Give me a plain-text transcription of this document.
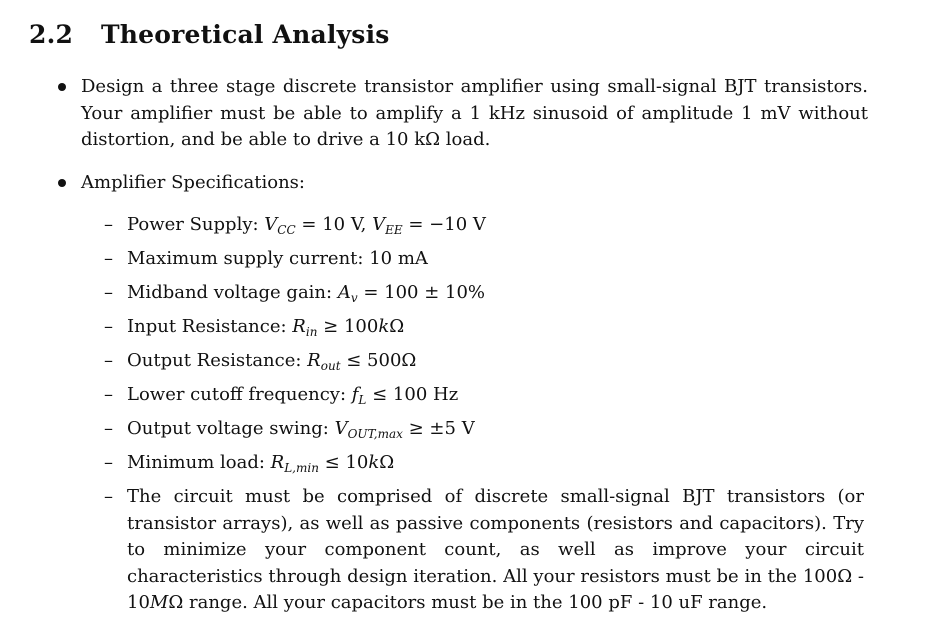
2.2 Theoretical Analysis
Design a three stage discrete transistor amplifier using small-signal BJT transistors. Your amplifier must be able to amplify a 1 kHz sinusoid of amplitude 1 mV without distortion, and be able to drive a 10 kΩ load.
Amplifier Specifications:
– Power Supply: $V_{CC} = 10$ V, $V_{EE} = -10$ V
– Maximum supply current: 10 mA
– Midband voltage gain: $A_v = 100 \pm 10\%$
– Input Resistance: $R_{in} \ge 100k\Omega$
– Output Resistance: $R_{out} \le 500\Omega$
– Lower cutoff frequency: $f_L \le 100$ Hz
– Output voltage swing: $V_{OUT,max} \ge \pm 5$ V
– Minimum load: $R_{L,min} \le 10k\Omega$
– The circuit must be comprised of discrete small-signal BJT transistors (or transistor arrays), as well as passive components (resistors and capacitors). Try to minimize your component count, as well as improve your circuit characteristics through design iteration. All your resistors must be in the 100Ω - 10MΩ range. All your capacitors must be in the 100 pF - 10 uF range.
